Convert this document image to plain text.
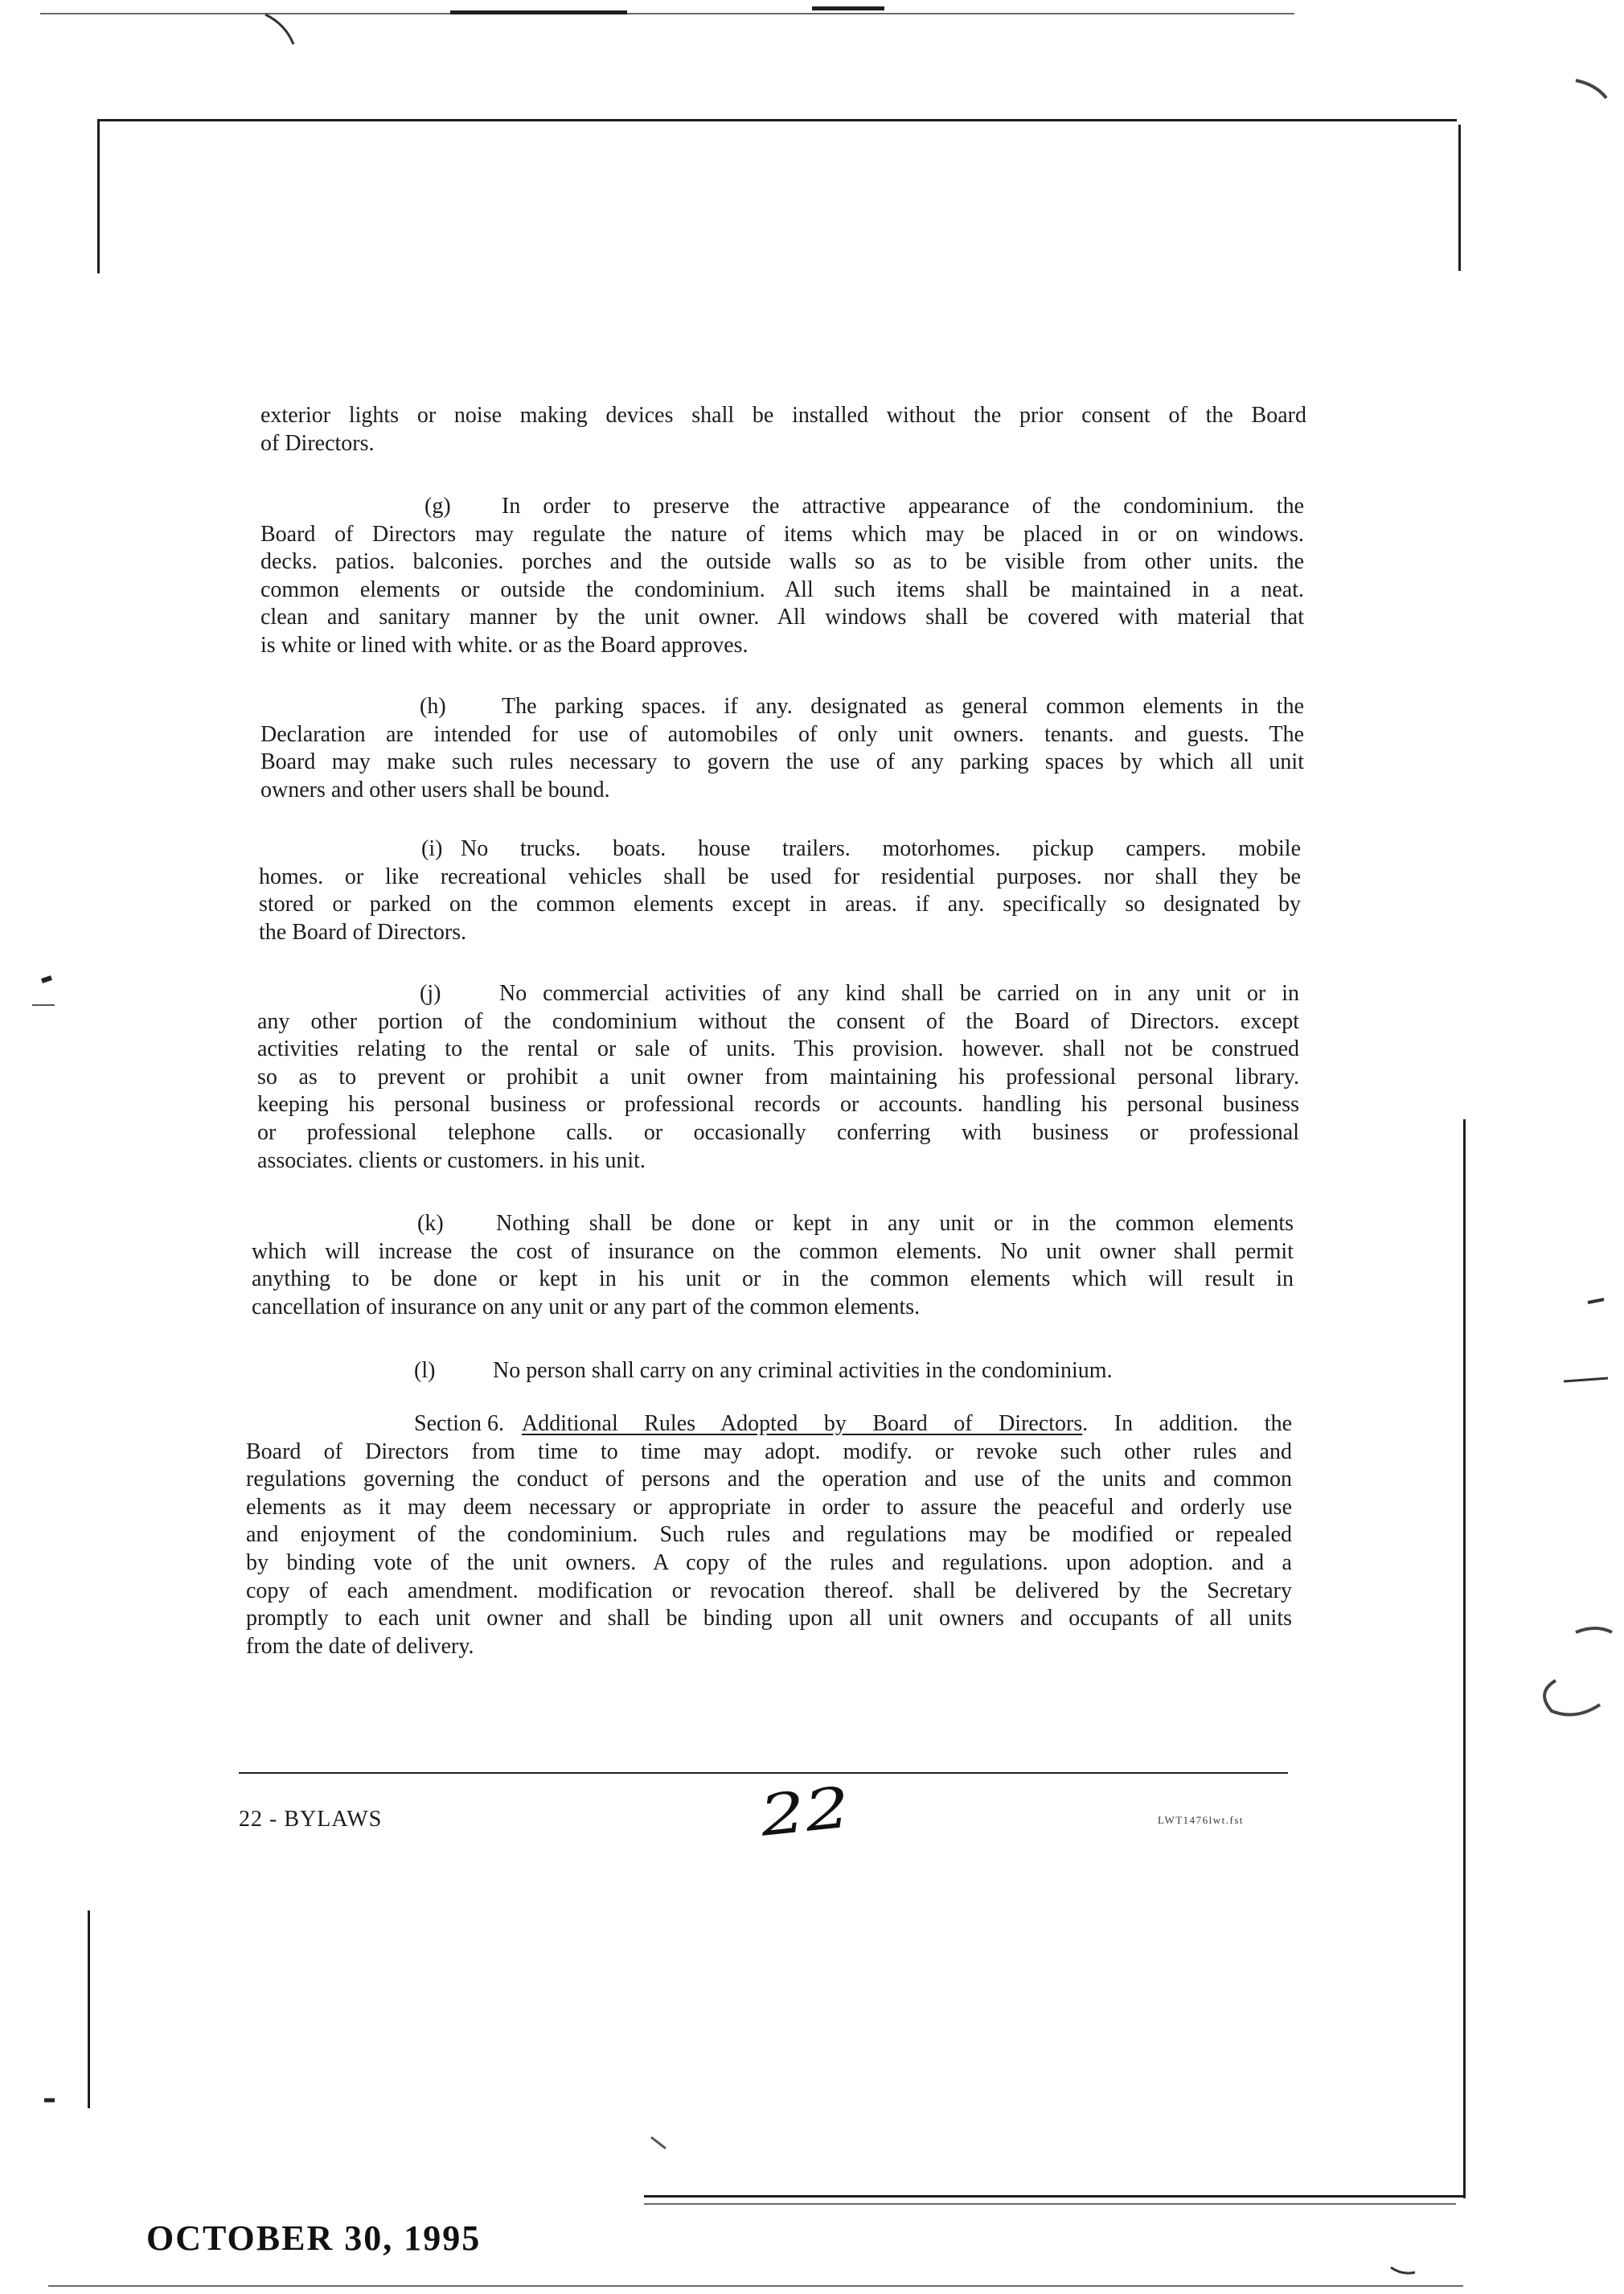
exterior lights or noise making devices shall be installed without the prior consent of the Board
of Directors.
(g) In order to preserve the attractive appearance of the condominium. the
Board of Directors may regulate the nature of items which may be placed in or on windows.
decks. patios. balconies. porches and the outside walls so as to be visible from other units. the
common elements or outside the condominium. All such items shall be maintained in a neat.
clean and sanitary manner by the unit owner. All windows shall be covered with material that
is white or lined with white. or as the Board approves.
(h) The parking spaces. if any. designated as general common elements in the
Declaration are intended for use of automobiles of only unit owners. tenants. and guests. The
Board may make such rules necessary to govern the use of any parking spaces by which all unit
owners and other users shall be bound.
(i) No trucks. boats. house trailers. motorhomes. pickup campers. mobile
homes. or like recreational vehicles shall be used for residential purposes. nor shall they be
stored or parked on the common elements except in areas. if any. specifically so designated by
the Board of Directors.
(j)	No commercial activities of any kind shall be carried on in any unit or in
any other portion of the condominium without the consent of the Board of Directors. except
activities relating to the rental or sale of units. This provision. however. shall not be construed
so as to prevent or prohibit a unit owner from maintaining his professional personal library.
keeping his personal business or professional records or accounts. handling his personal business
or professional telephone calls. or occasionally conferring with business or professional
associates. clients or customers. in his unit.
(k) Nothing shall be done or kept in any unit or in the common elements
which will increase the cost of insurance on the common elements. No unit owner shall permit
anything to be done or kept in his unit or in the common elements which will result in
cancellation of insurance on any unit or any part of the common elements.
(l)	No person shall carry on any criminal activities in the condominium.
Section 6. Additional Rules Adopted by Board of Directors. In addition. the
Board of Directors from time to time may adopt. modify. or revoke such other rules and
regulations governing the conduct of persons and the operation and use of the units and common
elements as it may deem necessary or appropriate in order to assure the peaceful and orderly use
and enjoyment of the condominium. Such rules and regulations may be modified or repealed
by binding vote of the unit owners. A copy of the rules and regulations. upon adoption. and a
copy of each amendment. modification or revocation thereof. shall be delivered by the Secretary
promptly to each unit owner and shall be binding upon all unit owners and occupants of all units
from the date of delivery.
22 - BYLAWS	22	LWT1476lwt.fst
OCTOBER 30, 1995
